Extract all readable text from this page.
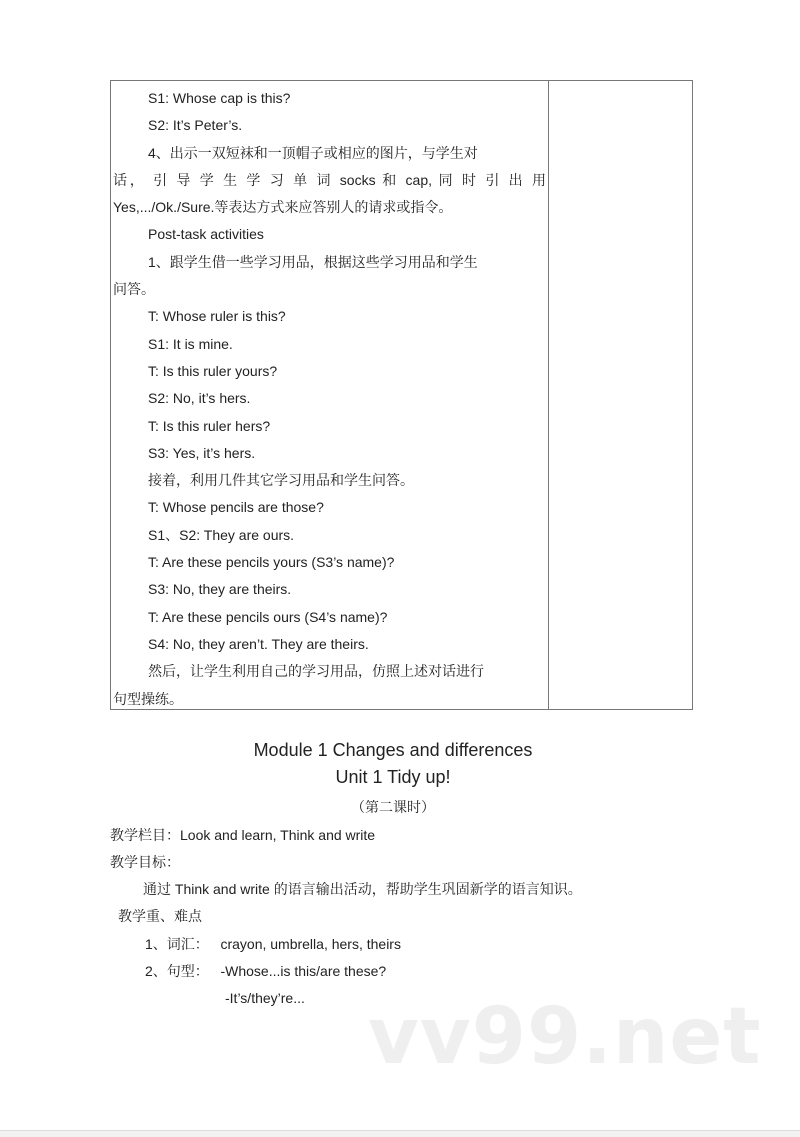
S1: Whose cap is this?
S2: It’s Peter’s.
4、出示一双短袜和一顶帽子或相应的图片，与学生对
话， 引 导 学 生 学 习 单 词 socks 和 cap, 同 时 引 出 用
Yes,.../Ok./Sure.等表达方式来应答别人的请求或指令。
Post-task activities
1、跟学生借一些学习用品，根据这些学习用品和学生
问答。
T: Whose ruler is this?
S1: It is mine.
T: Is this ruler yours?
S2: No, it’s hers.
T: Is this ruler hers?
S3: Yes, it’s hers.
接着，利用几件其它学习用品和学生问答。
T: Whose pencils are those?
S1、S2: They are ours.
T: Are these pencils yours (S3’s name)?
S3: No, they are theirs.
T: Are these pencils ours (S4’s name)?
S4: No, they aren’t. They are theirs.
然后，让学生利用自己的学习用品，仿照上述对话进行
句型操练。
Module 1 Changes and differences
Unit 1 Tidy up!
（第二课时）
教学栏目：Look and learn, Think and write
教学目标：
通过 Think and write 的语言输出活动，帮助学生巩固新学的语言知识。
教学重、难点
1、词汇：   crayon, umbrella, hers, theirs
2、句型：   -Whose...is this/are these?
-It’s/they’re... vv99.net
